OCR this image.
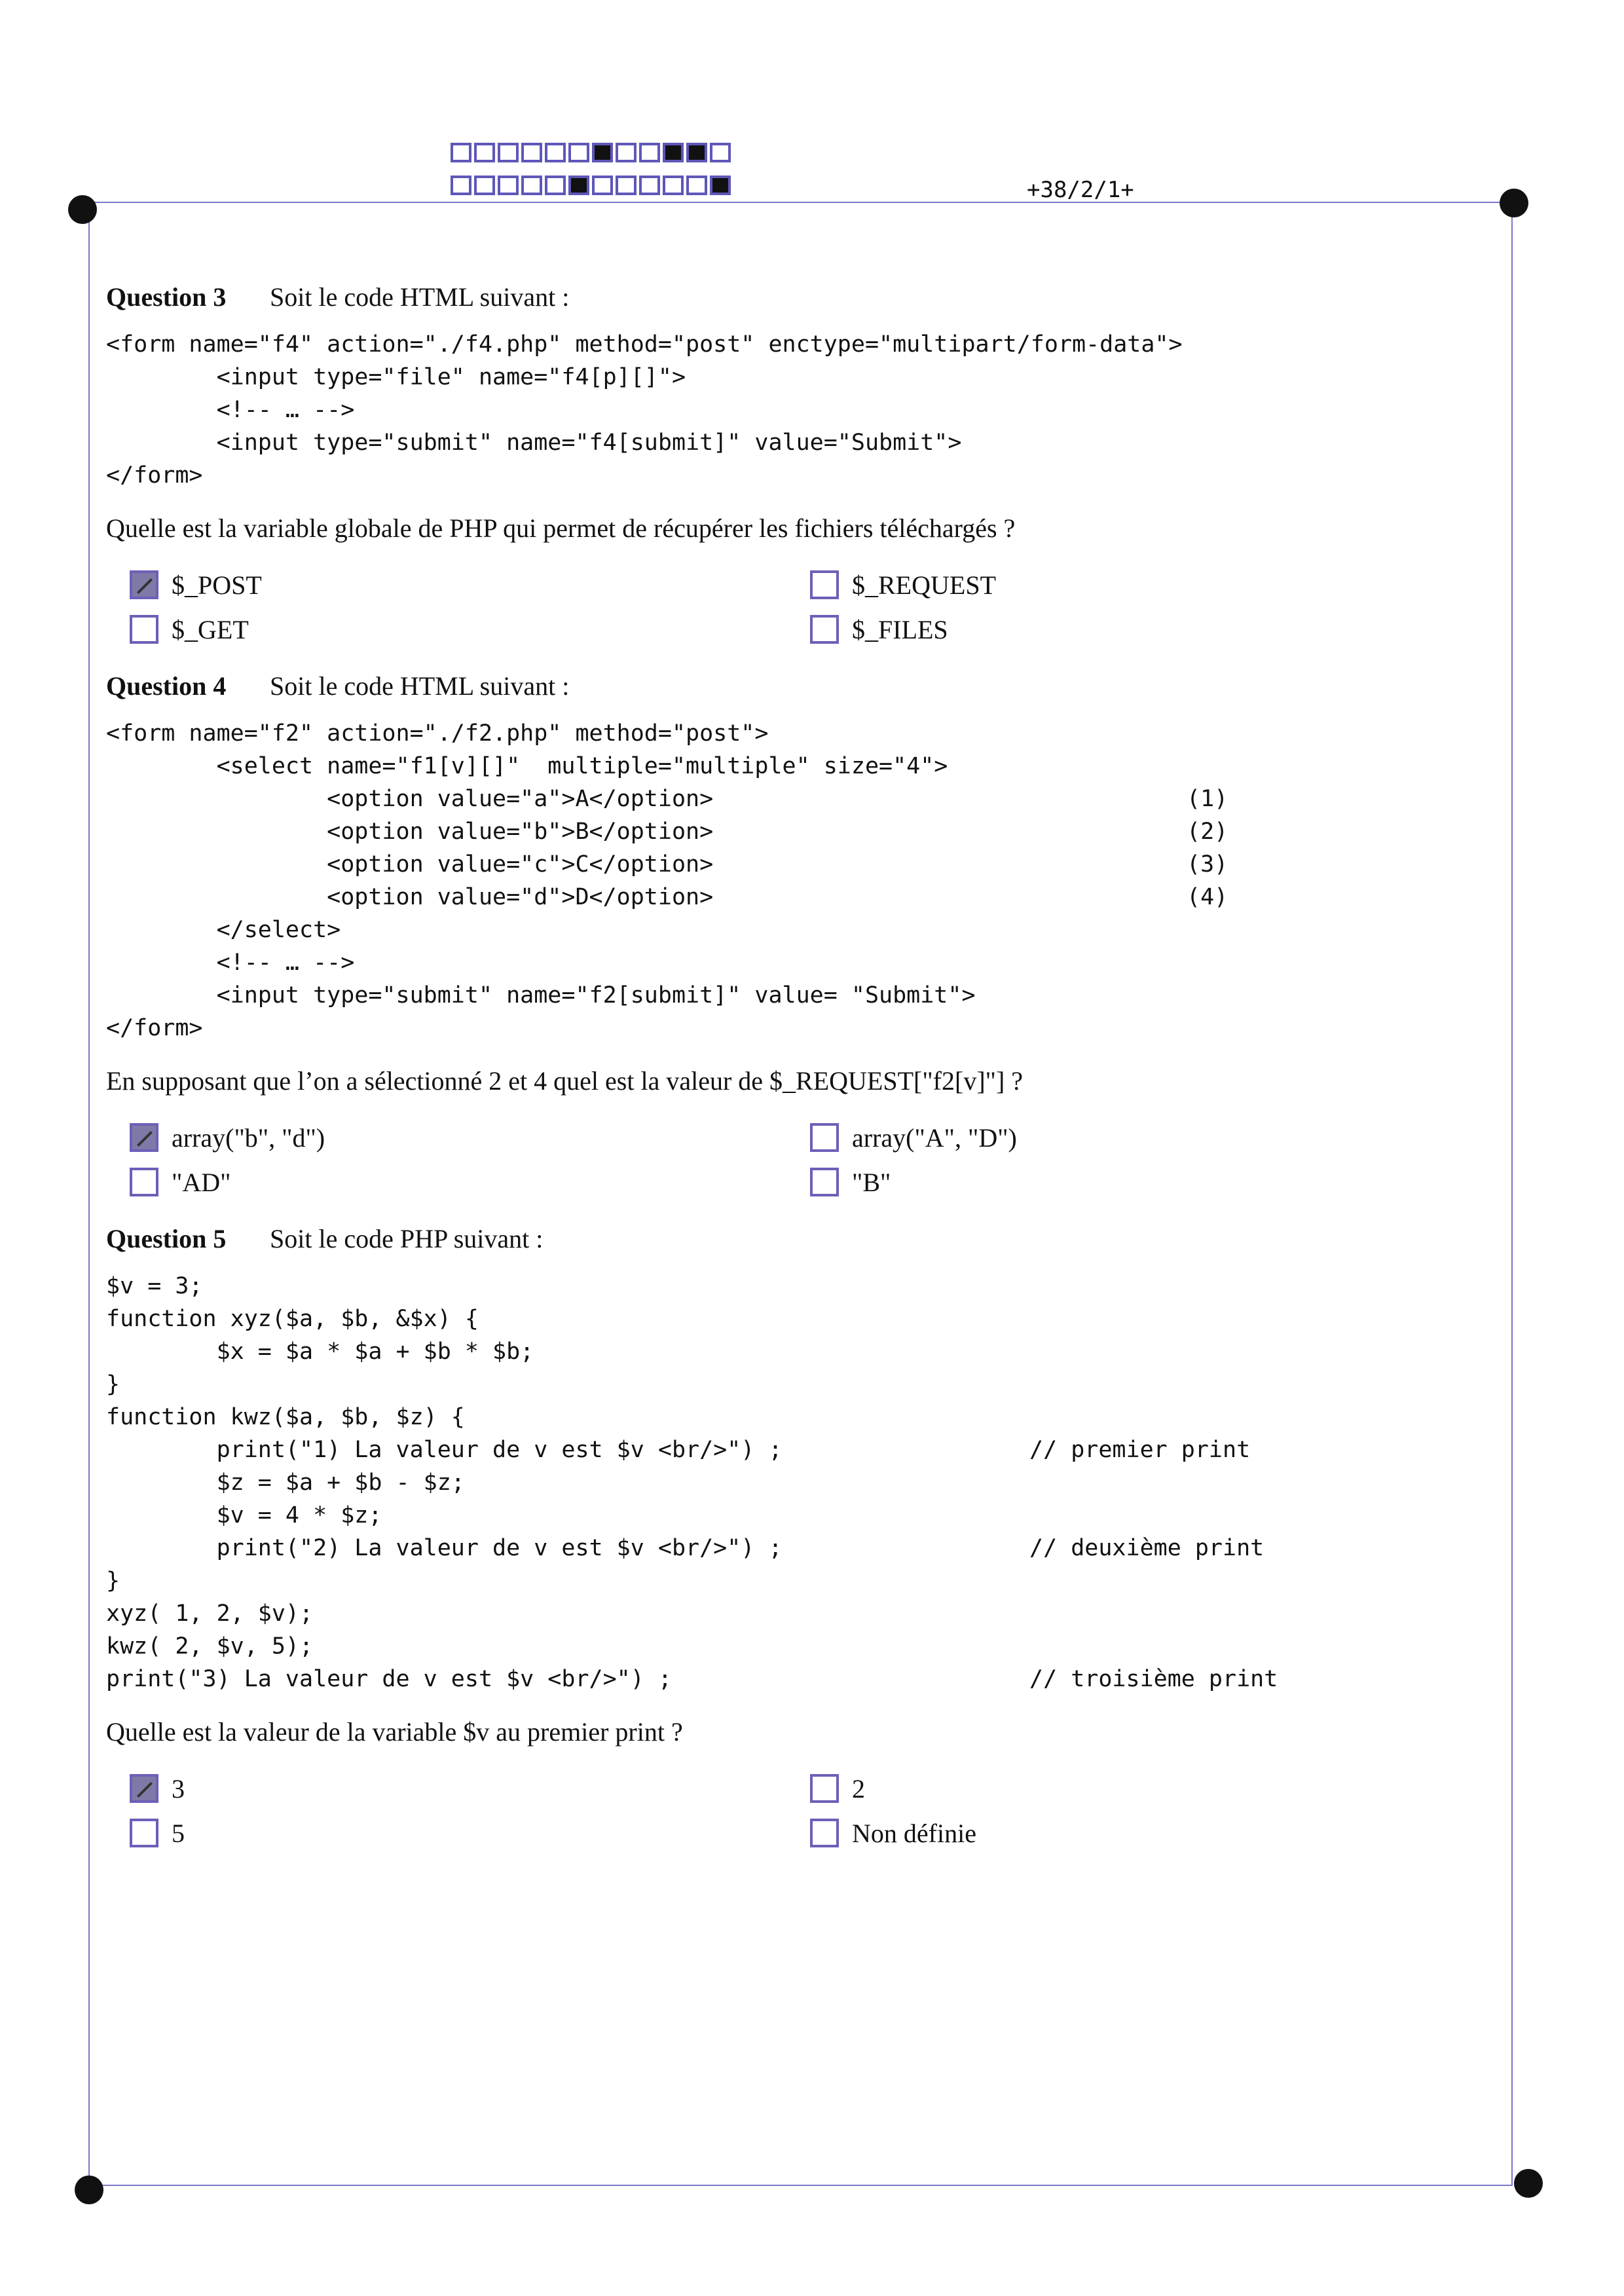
+38/2/1+
Question 3	Soit le code HTML suivant :
<form name="f4" action="./f4.php" method="post" enctype="multipart/form-data">
<input type="file" name="f4[p][]">
<!-- … -->
<input type="submit" name="f4[submit]" value="Submit">
</form>
Quelle est la variable globale de PHP qui permet de récupérer les fichiers téléchargés ?
$_POST	$_REQUEST
$_GET	$_FILES
Question 4	Soit le code HTML suivant :
<form name="f2" action="./f2.php" method="post">
<select name="f1[v][]"  multiple="multiple" size="4">
<option value="a">A</option>	(1)
<option value="b">B</option>	(2)
<option value="c">C</option>	(3)
<option value="d">D</option>	(4)
</select>
<!-- … -->
<input type="submit" name="f2[submit]" value= "Submit">
</form>
En supposant que l’on a sélectionné 2 et 4 quel est la valeur de $_REQUEST["f2[v]"] ?
array("b", "d")	array("A", "D")
"AD"	"B"
Question 5	Soit le code PHP suivant :
$v = 3;
function xyz($a, $b, &$x) {
$x = $a * $a + $b * $b;
}
function kwz($a, $b, $z) {
print("1) La valeur de v est $v <br/>") ;	// premier print
$z = $a + $b - $z;
$v = 4 * $z;
print("2) La valeur de v est $v <br/>") ;	// deuxième print
}
xyz( 1, 2, $v);
kwz( 2, $v, 5);
print("3) La valeur de v est $v <br/>") ;	// troisième print
Quelle est la valeur de la variable $v au premier print ?
3	2
5	Non définie
